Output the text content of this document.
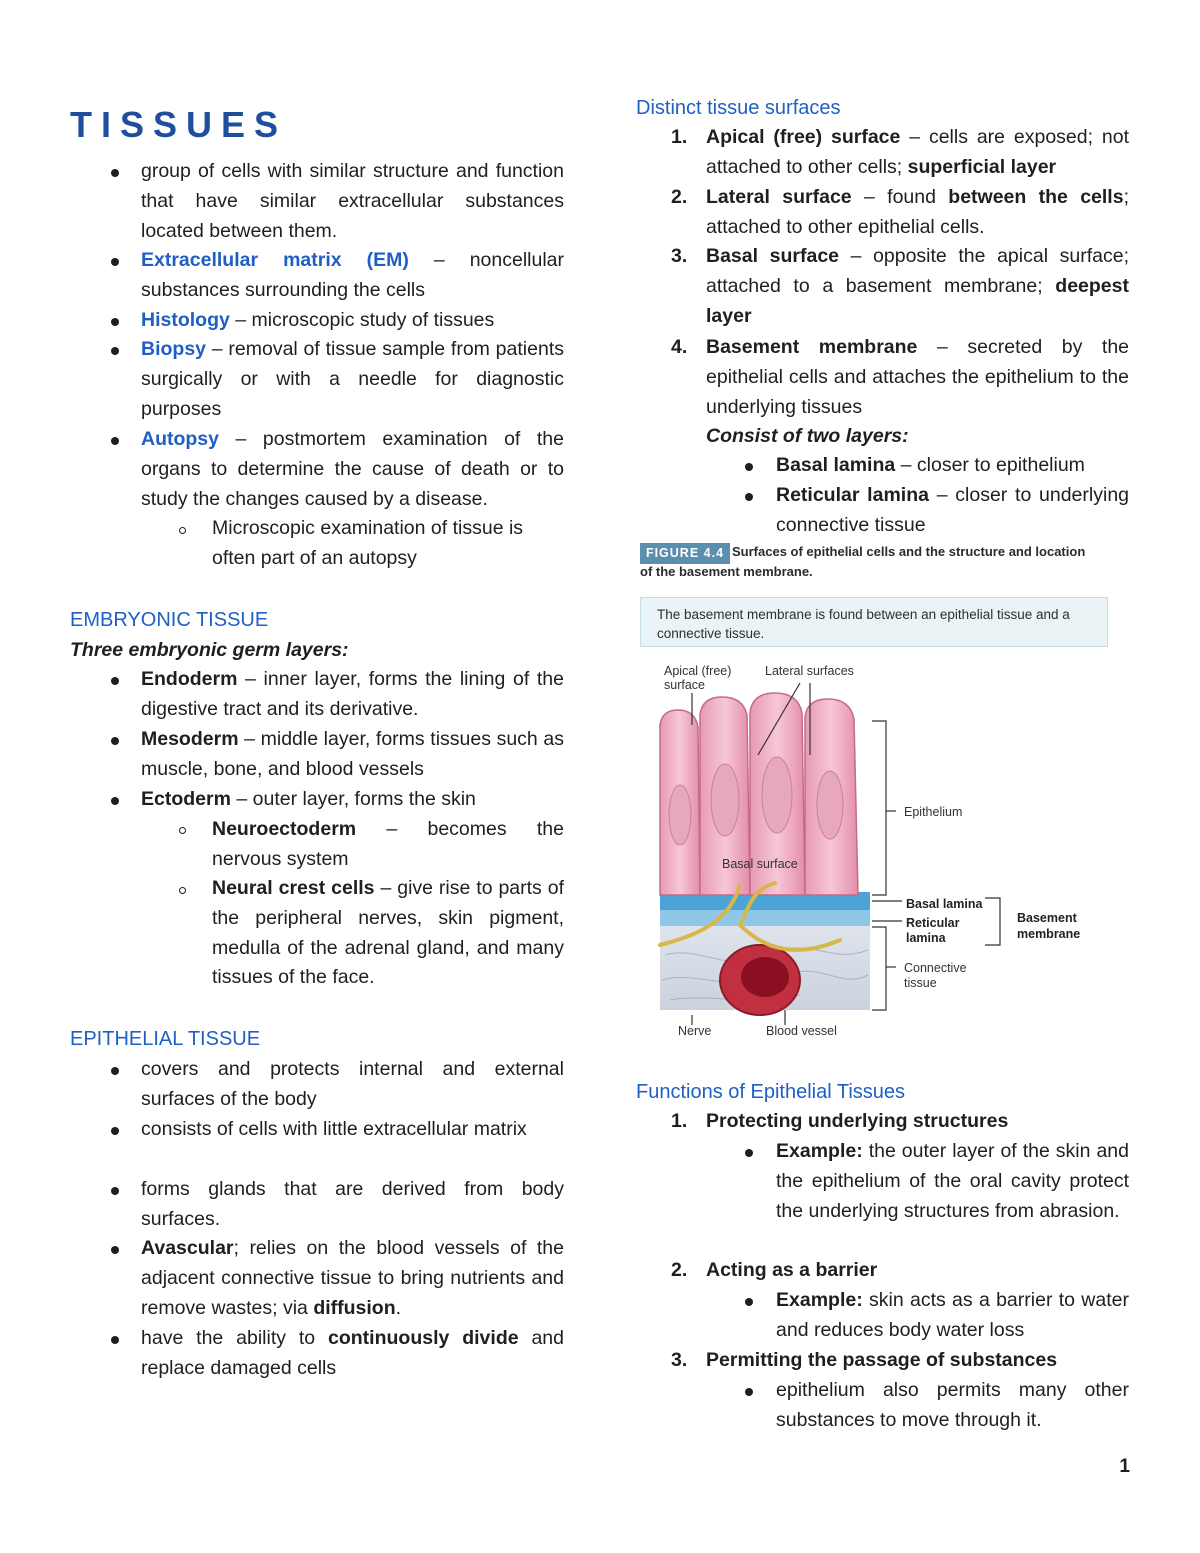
TISSUES
group of cells with similar structure and function that have similar extracellular substances located between them.
Extracellular matrix (EM) – noncellular substances surrounding the cells
Histology – microscopic study of tissues
Biopsy – removal of tissue sample from patients surgically or with a needle for diagnostic purposes
Autopsy – postmortem examination of the organs to determine the cause of death or to study the changes caused by a disease.
Microscopic examination of tissue is often part of an autopsy
EMBRYONIC TISSUE
Three embryonic germ layers:
Endoderm – inner layer, forms the lining of the digestive tract and its derivative.
Mesoderm – middle layer, forms tissues such as muscle, bone, and blood vessels
Ectoderm – outer layer, forms the skin
Neuroectoderm – becomes the nervous system
Neural crest cells – give rise to parts of the peripheral nerves, skin pigment, medulla of the adrenal gland, and many tissues of the face.
EPITHELIAL TISSUE
covers and protects internal and external surfaces of the body
consists of cells with little extracellular matrix
forms glands that are derived from body surfaces.
Avascular; relies on the blood vessels of the adjacent connective tissue to bring nutrients and remove wastes; via diffusion.
have the ability to continuously divide and replace damaged cells
Distinct tissue surfaces
1. Apical (free) surface – cells are exposed; not attached to other cells; superficial layer
2. Lateral surface – found between the cells; attached to other epithelial cells.
3. Basal surface – opposite the apical surface; attached to a basement membrane; deepest layer
4. Basement membrane – secreted by the epithelial cells and attaches the epithelium to the underlying tissues
Consist of two layers:
Basal lamina – closer to epithelium
Reticular lamina – closer to underlying connective tissue
FIGURE 4.4 Surfaces of epithelial cells and the structure and location
of the basement membrane.
The basement membrane is found between an epithelial tissue and a connective tissue.
Apical (free)
surface
Lateral surfaces
Epithelium
Basal surface
Basal lamina
Reticular
lamina
Basement
membrane
Connective
tissue
Nerve	Blood vessel
Functions of Epithelial Tissues
1. Protecting underlying structures
Example: the outer layer of the skin and the epithelium of the oral cavity protect the underlying structures from abrasion.
2. Acting as a barrier
Example: skin acts as a barrier to water and reduces body water loss
3. Permitting the passage of substances
epithelium also permits many other substances to move through it.
1
